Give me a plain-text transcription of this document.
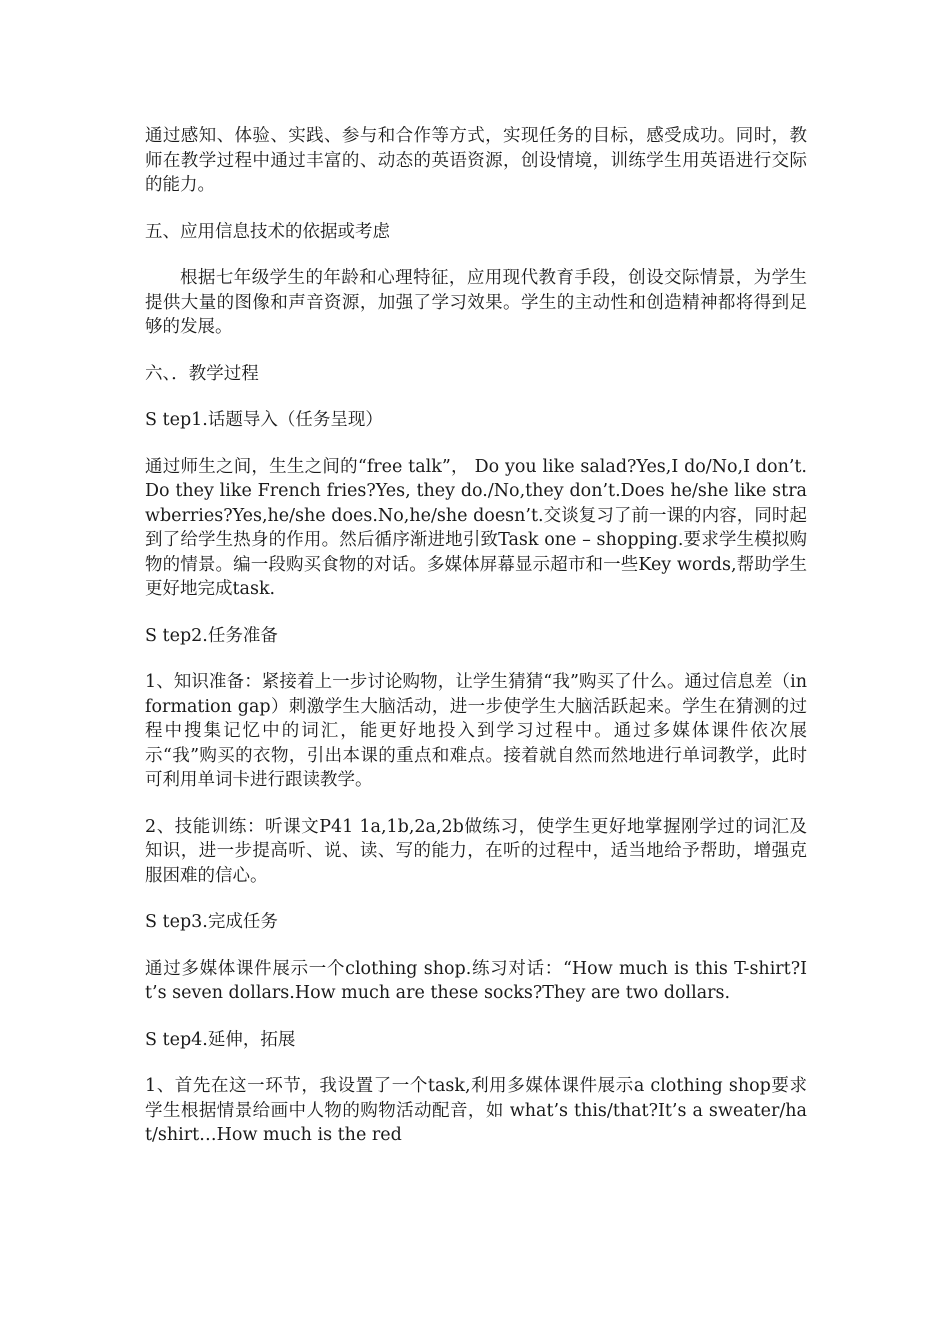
通过感知、体验、实践、参与和合作等方式，实现任务的目标，感受成功。同时，教师在教学过程中通过丰富的、动态的英语资源，创设情境，训练学生用英语进行交际的能力。

五、应用信息技术的依据或考虑

根据七年级学生的年龄和心理特征，应用现代教育手段，创设交际情景，为学生提供大量的图像和声音资源，加强了学习效果。学生的主动性和创造精神都将得到足够的发展。

六、．教学过程

S tep1.话题导入（任务呈现）

通过师生之间，生生之间的“free talk”， Do you like salad?Yes,I do/No,I don’t.Do they like French fries?Yes, they do./No,they don’t.Does he/she like strawberries?Yes,he/she does.No,he/she doesn’t.交谈复习了前一课的内容，同时起到了给学生热身的作用。然后循序渐进地引致Task one – shopping.要求学生模拟购物的情景。编一段购买食物的对话。多媒体屏幕显示超市和一些Key words,帮助学生更好地完成task.

S tep2.任务准备

1、知识准备：紧接着上一步讨论购物，让学生猜猜“我”购买了什么。通过信息差（information gap）刺激学生大脑活动，进一步使学生大脑活跃起来。学生在猜测的过程中搜集记忆中的词汇，能更好地投入到学习过程中。通过多媒体课件依次展示“我”购买的衣物，引出本课的重点和难点。接着就自然而然地进行单词教学，此时可利用单词卡进行跟读教学。

2、技能训练：听课文P41 1a,1b,2a,2b做练习，使学生更好地掌握刚学过的词汇及知识，进一步提高听、说、读、写的能力，在听的过程中，适当地给予帮助，增强克服困难的信心。

S tep3.完成任务

通过多媒体课件展示一个clothing shop.练习对话：“How much is this T-shirt?It’s seven dollars.How much are these socks?They are two dollars.

S tep4.延伸，拓展

1、首先在这一环节，我设置了一个task,利用多媒体课件展示a clothing shop要求学生根据情景给画中人物的购物活动配音，如 what’s this/that?It’s a sweater/hat/shirt…How much is the red
